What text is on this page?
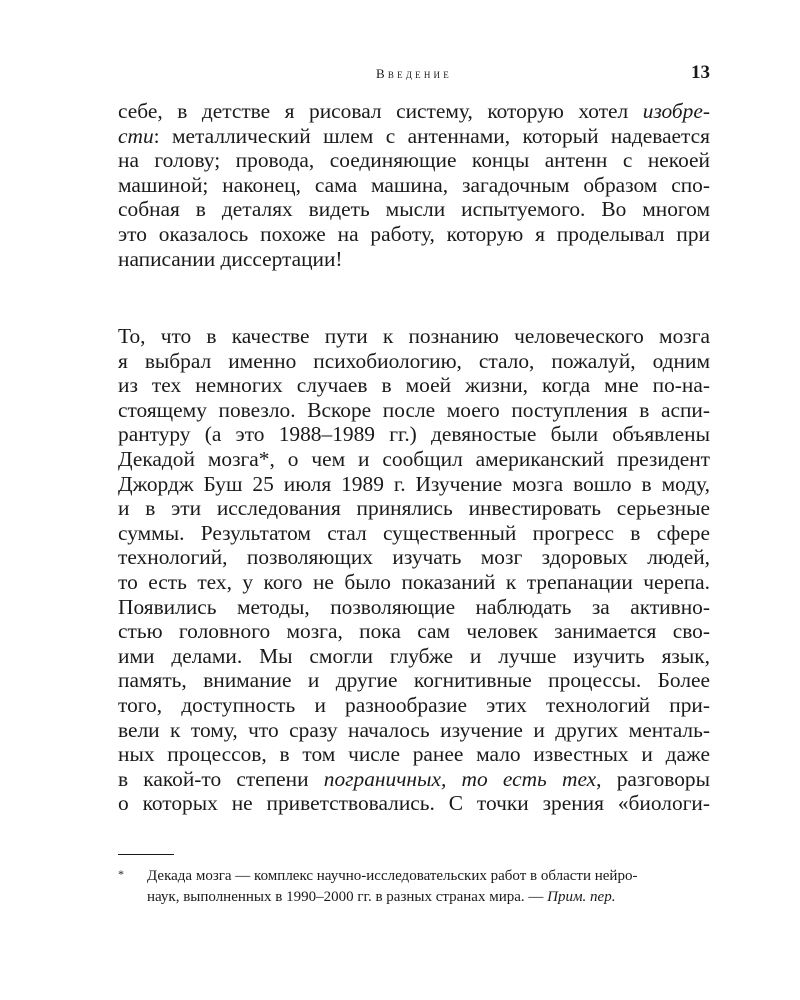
Введение	13

себе, в детстве я рисовал систему, которую хотел изобре-
сти: металлический шлем с антеннами, который надевается
на голову; провода, соединяющие концы антенн с некоей
машиной; наконец, сама машина, загадочным образом спо-
собная в деталях видеть мысли испытуемого. Во многом
это оказалось похоже на работу, которую я проделывал при
написании диссертации!

То, что в качестве пути к познанию человеческого мозга
я выбрал именно психобиологию, стало, пожалуй, одним
из тех немногих случаев в моей жизни, когда мне по-на-
стоящему повезло. Вскоре после моего поступления в аспи-
рантуру (а это 1988–1989 гг.) девяностые были объявлены
Декадой мозга*, о чем и сообщил американский президент
Джордж Буш 25 июля 1989 г. Изучение мозга вошло в моду,
и в эти исследования принялись инвестировать серьезные
суммы. Результатом стал существенный прогресс в сфере
технологий, позволяющих изучать мозг здоровых людей,
то есть тех, у кого не было показаний к трепанации черепа.
Появились методы, позволяющие наблюдать за активно-
стью головного мозга, пока сам человек занимается сво-
ими делами. Мы смогли глубже и лучше изучить язык,
память, внимание и другие когнитивные процессы. Более
того, доступность и разнообразие этих технологий при-
вели к тому, что сразу началось изучение и других менталь-
ных процессов, в том числе ранее мало известных и даже
в какой-то степени пограничных, то есть тех, разговоры
о которых не приветствовались. С точки зрения «биологи-

* Декада мозга — комплекс научно-исследовательских работ в области нейро-
наук, выполненных в 1990–2000 гг. в разных странах мира. — Прим. пер.
